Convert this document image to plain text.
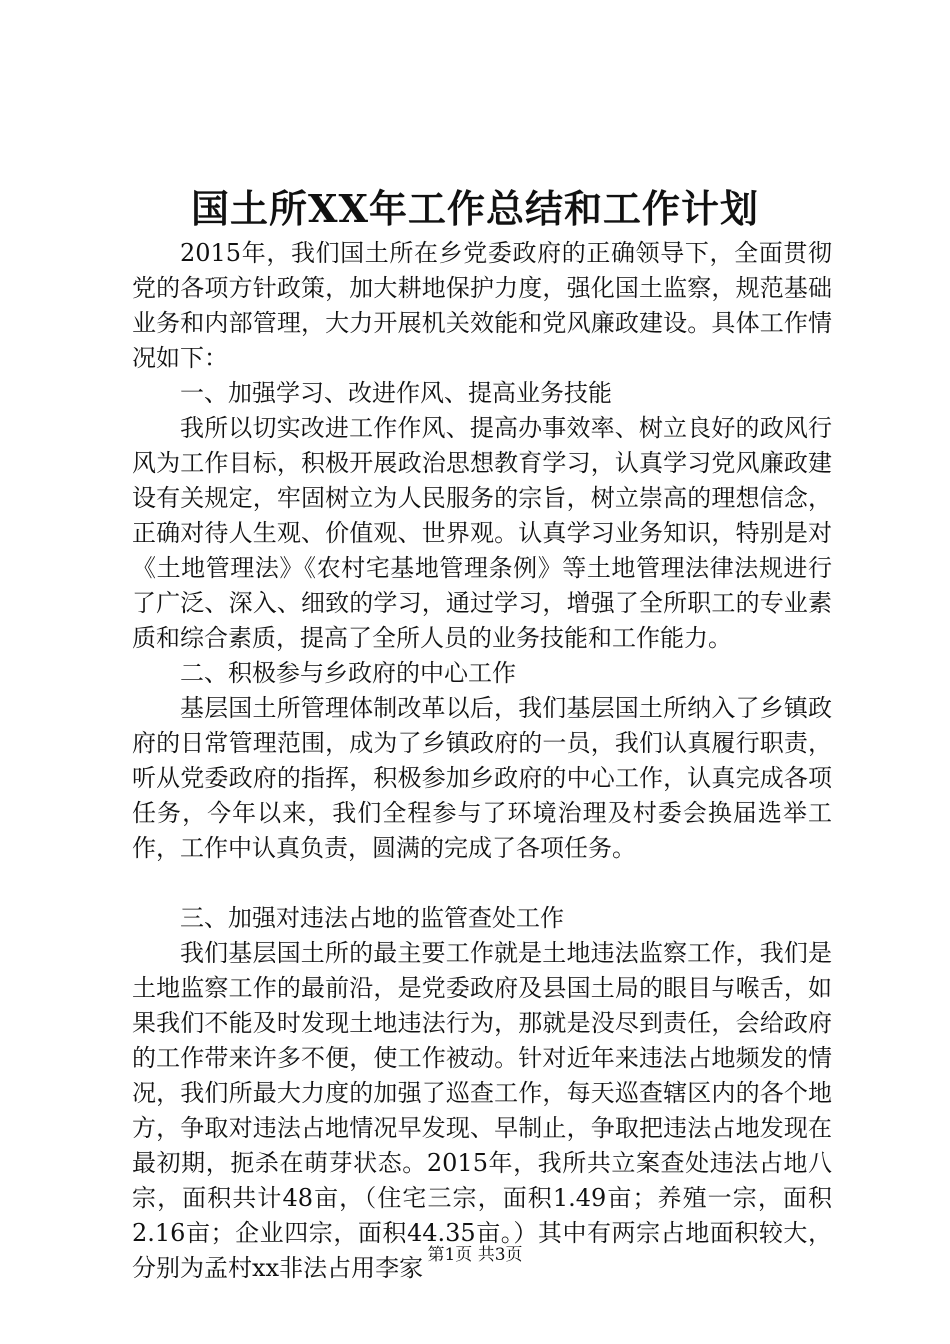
国土所XX年工作总结和工作计划

2015年，我们国土所在乡党委政府的正确领导下，全面贯彻党的各项方针政策，加大耕地保护力度，强化国土监察，规范基础业务和内部管理，大力开展机关效能和党风廉政建设。具体工作情况如下：

一、加强学习、改进作风、提高业务技能

我所以切实改进工作作风、提高办事效率、树立良好的政风行风为工作目标，积极开展政治思想教育学习，认真学习党风廉政建设有关规定，牢固树立为人民服务的宗旨，树立崇高的理想信念，正确对待人生观、价值观、世界观。认真学习业务知识，特别是对《土地管理法》《农村宅基地管理条例》等土地管理法律法规进行了广泛、深入、细致的学习，通过学习，增强了全所职工的专业素质和综合素质，提高了全所人员的业务技能和工作能力。

二、积极参与乡政府的中心工作

基层国土所管理体制改革以后，我们基层国土所纳入了乡镇政府的日常管理范围，成为了乡镇政府的一员，我们认真履行职责，听从党委政府的指挥，积极参加乡政府的中心工作，认真完成各项任务，今年以来，我们全程参与了环境治理及村委会换届选举工作，工作中认真负责，圆满的完成了各项任务。

三、加强对违法占地的监管查处工作

我们基层国土所的最主要工作就是土地违法监察工作，我们是土地监察工作的最前沿，是党委政府及县国土局的眼目与喉舌，如果我们不能及时发现土地违法行为，那就是没尽到责任，会给政府的工作带来许多不便，使工作被动。针对近年来违法占地频发的情况，我们所最大力度的加强了巡查工作，每天巡查辖区内的各个地方，争取对违法占地情况早发现、早制止，争取把违法占地发现在最初期，扼杀在萌芽状态。2015年，我所共立案查处违法占地八宗，面积共计48亩，（住宅三宗，面积1.49亩；养殖一宗，面积2.16亩；企业四宗，面积44.35亩。）其中有两宗占地面积较大，分别为孟村xx非法占用李家 第1页 共3页
